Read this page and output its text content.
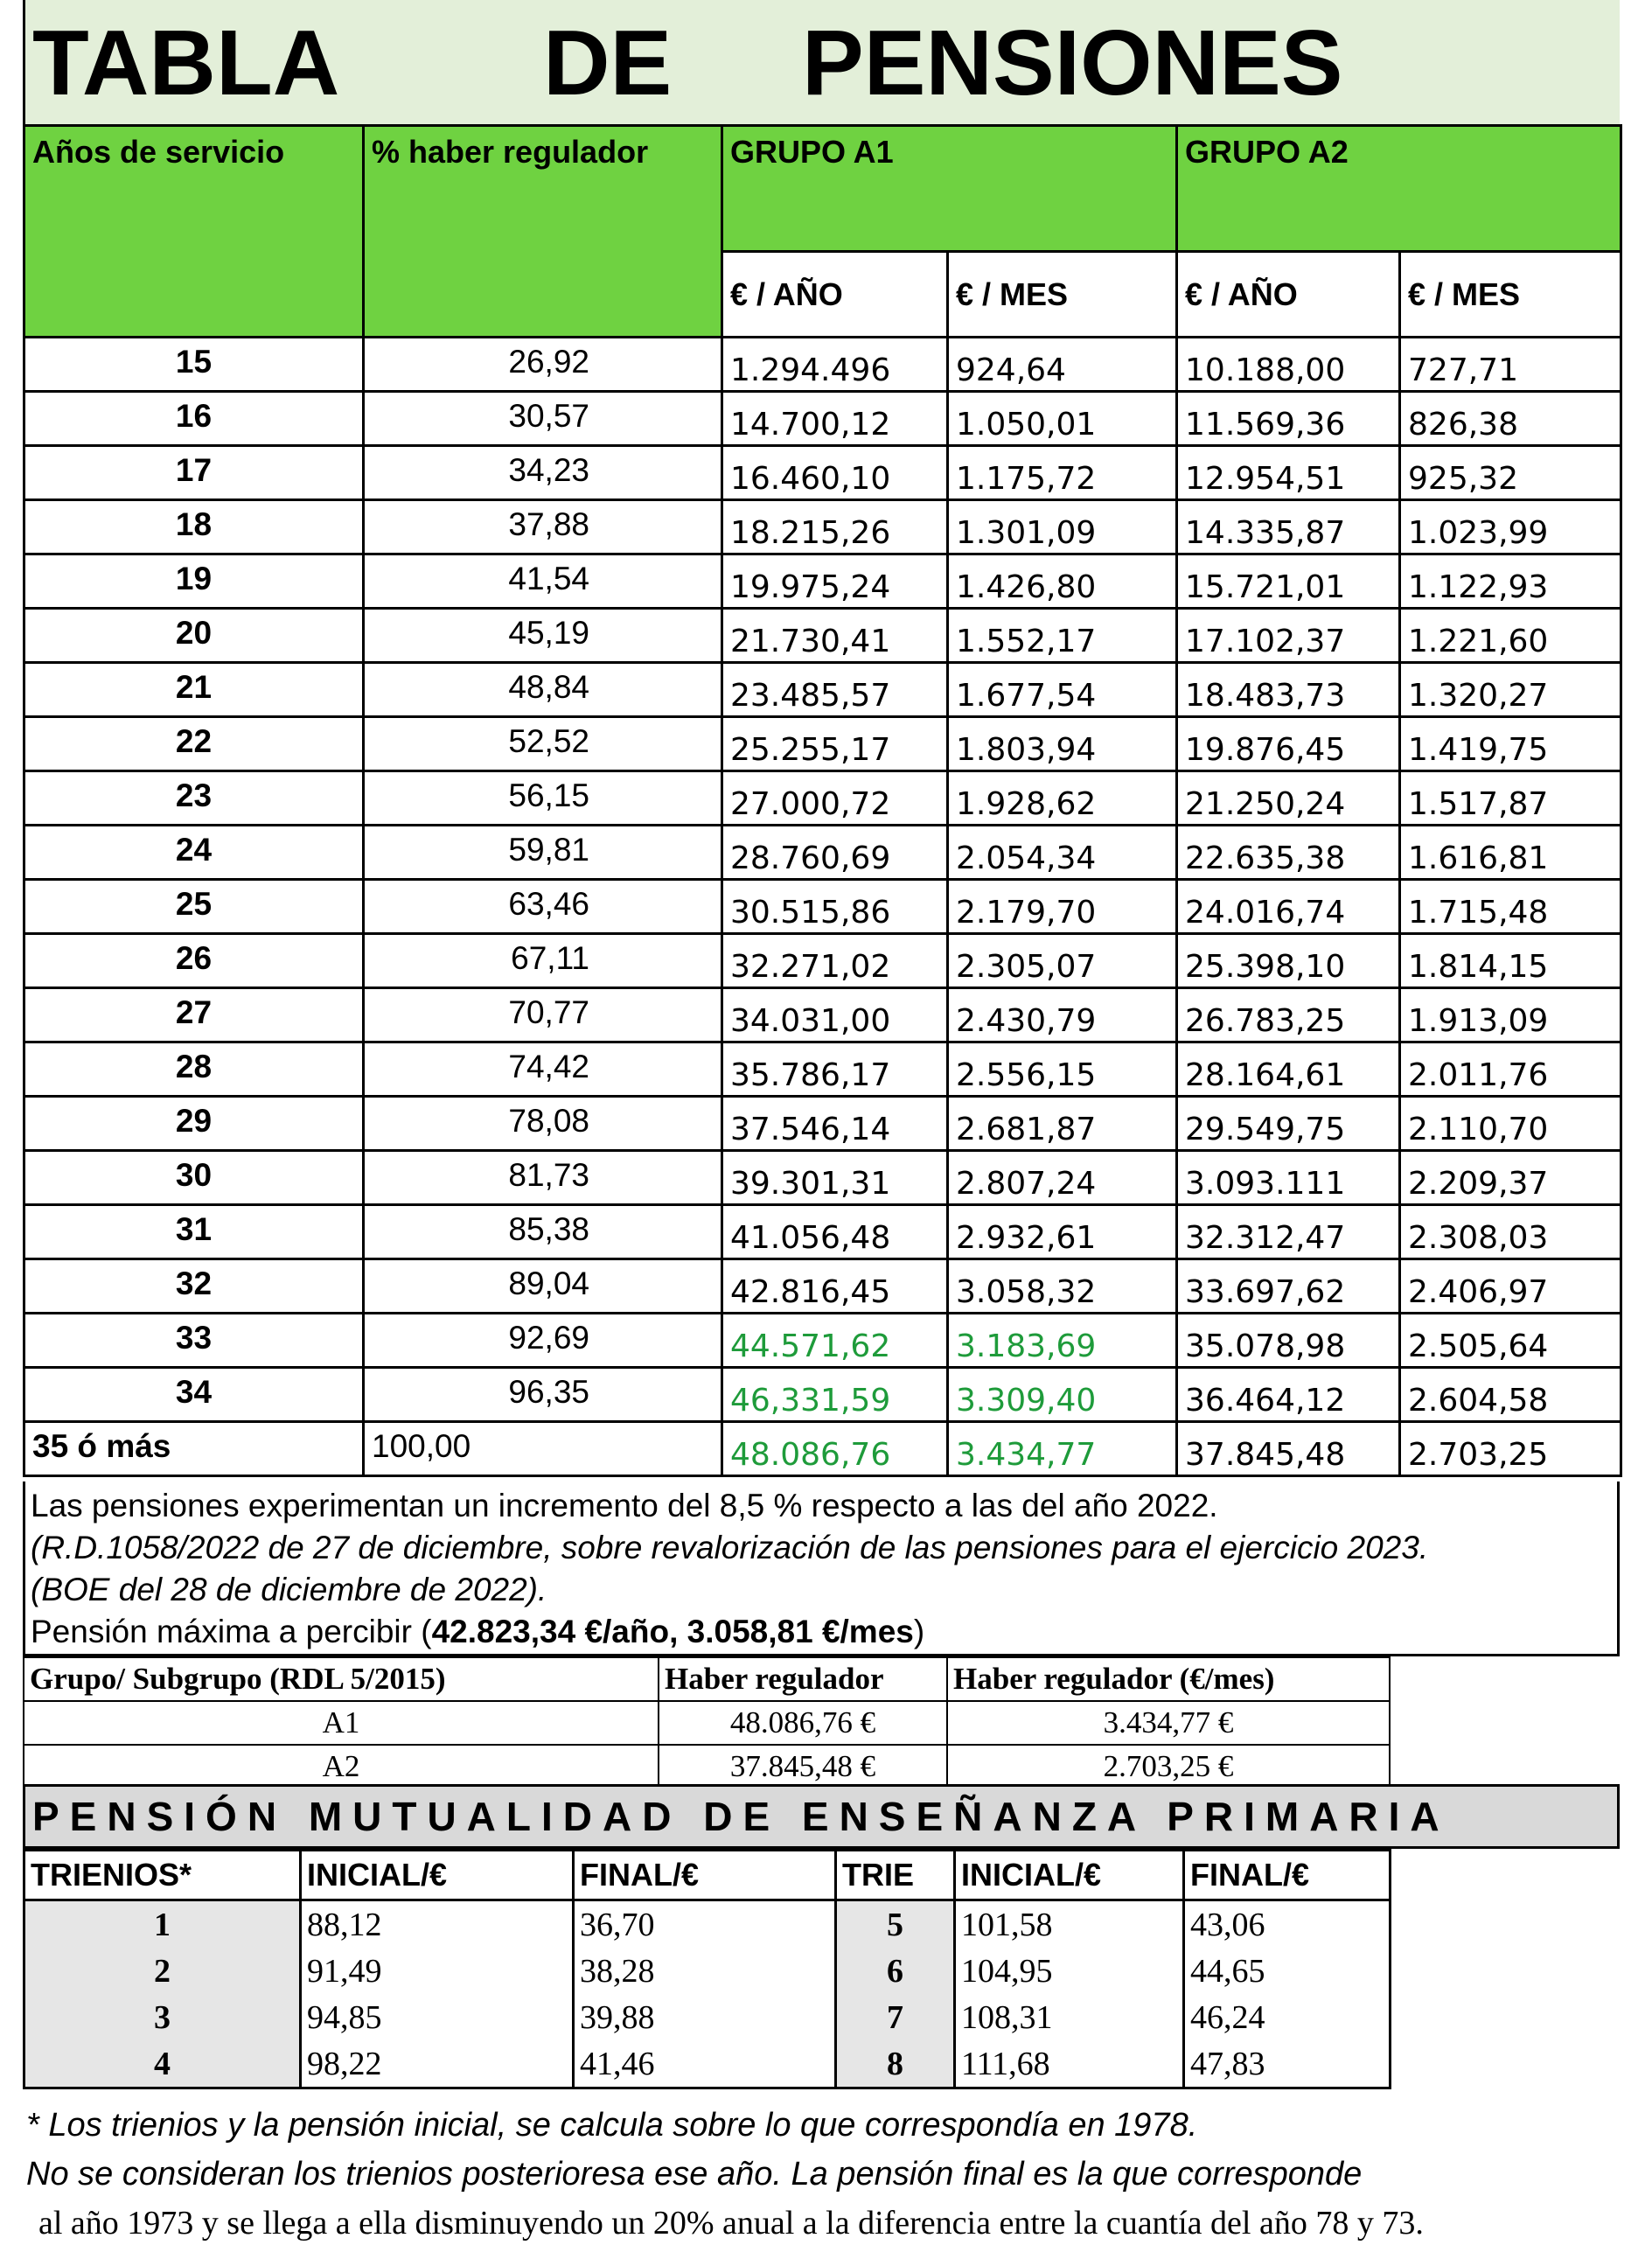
TABLA DE PENSIONES
Años de servicio	% haber regulador	GRUPO A1		GRUPO A2	
		€ / AÑO	€ / MES	€ / AÑO	€ / MES
15	26,92	1.294.496	924,64	10.188,00	727,71
16	30,57	14.700,12	1.050,01	11.569,36	826,38
17	34,23	16.460,10	1.175,72	12.954,51	925,32
18	37,88	18.215,26	1.301,09	14.335,87	1.023,99
19	41,54	19.975,24	1.426,80	15.721,01	1.122,93
20	45,19	21.730,41	1.552,17	17.102,37	1.221,60
21	48,84	23.485,57	1.677,54	18.483,73	1.320,27
22	52,52	25.255,17	1.803,94	19.876,45	1.419,75
23	56,15	27.000,72	1.928,62	21.250,24	1.517,87
24	59,81	28.760,69	2.054,34	22.635,38	1.616,81
25	63,46	30.515,86	2.179,70	24.016,74	1.715,48
26	67,11	32.271,02	2.305,07	25.398,10	1.814,15
27	70,77	34.031,00	2.430,79	26.783,25	1.913,09
28	74,42	35.786,17	2.556,15	28.164,61	2.011,76
29	78,08	37.546,14	2.681,87	29.549,75	2.110,70
30	81,73	39.301,31	2.807,24	3.093.111	2.209,37
31	85,38	41.056,48	2.932,61	32.312,47	2.308,03
32	89,04	42.816,45	3.058,32	33.697,62	2.406,97
33	92,69	44.571,62	3.183,69	35.078,98	2.505,64
34	96,35	46,331,59	3.309,40	36.464,12	2.604,58
35 ó más	100,00	48.086,76	3.434,77	37.845,48	2.703,25
Las pensiones experimentan un incremento del 8,5 % respecto a las del año 2022.
(R.D.1058/2022 de 27 de diciembre, sobre revalorización de las pensiones para el ejercicio 2023.
(BOE del 28 de diciembre de 2022).
Pensión máxima a percibir (42.823,34 €/año, 3.058,81 €/mes)
Grupo/ Subgrupo (RDL 5/2015)	Haber regulador	Haber regulador (€/mes)
A1	48.086,76 €	3.434,77 €
A2	37.845,48 €	2.703,25 €
PENSIÓN MUTUALIDAD DE ENSEÑANZA PRIMARIA
TRIENIOS*	INICIAL/€	FINAL/€	TRIE	INICIAL/€	FINAL/€
1	88,12	36,70	5	101,58	43,06
2	91,49	38,28	6	104,95	44,65
3	94,85	39,88	7	108,31	46,24
4	98,22	41,46	8	111,68	47,83
* Los trienios y la pensión inicial, se calcula sobre lo que correspondía en 1978.
No se consideran los trienios posterioresa ese año. La pensión final es la que corresponde
al año 1973 y se llega a ella disminuyendo un 20% anual a la diferencia entre la cuantía del año 78 y 73.
